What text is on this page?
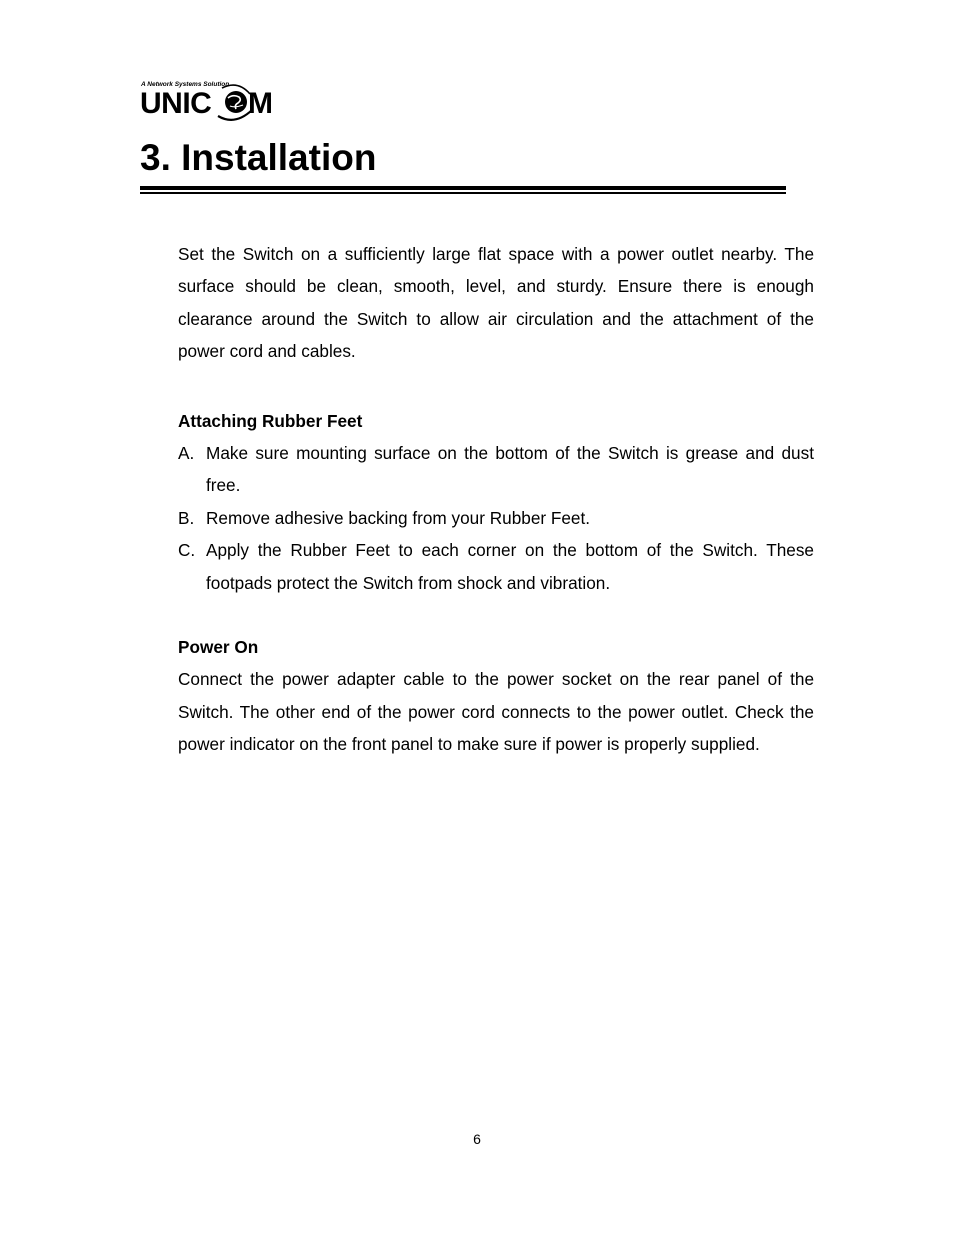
A Network Systems Solution
UNIC M
3. Installation

Set the Switch on a sufficiently large flat space with a power outlet nearby. The surface should be clean, smooth, level, and sturdy. Ensure there is enough clearance around the Switch to allow air circulation and the attachment of the power cord and cables.

Attaching Rubber Feet

A. Make sure mounting surface on the bottom of the Switch is grease and dust free.
B. Remove adhesive backing from your Rubber Feet.
C. Apply the Rubber Feet to each corner on the bottom of the Switch. These footpads protect the Switch from shock and vibration.

Power On

Connect the power adapter cable to the power socket on the rear panel of the Switch. The other end of the power cord connects to the power outlet. Check the power indicator on the front panel to make sure if power is properly supplied.

6
